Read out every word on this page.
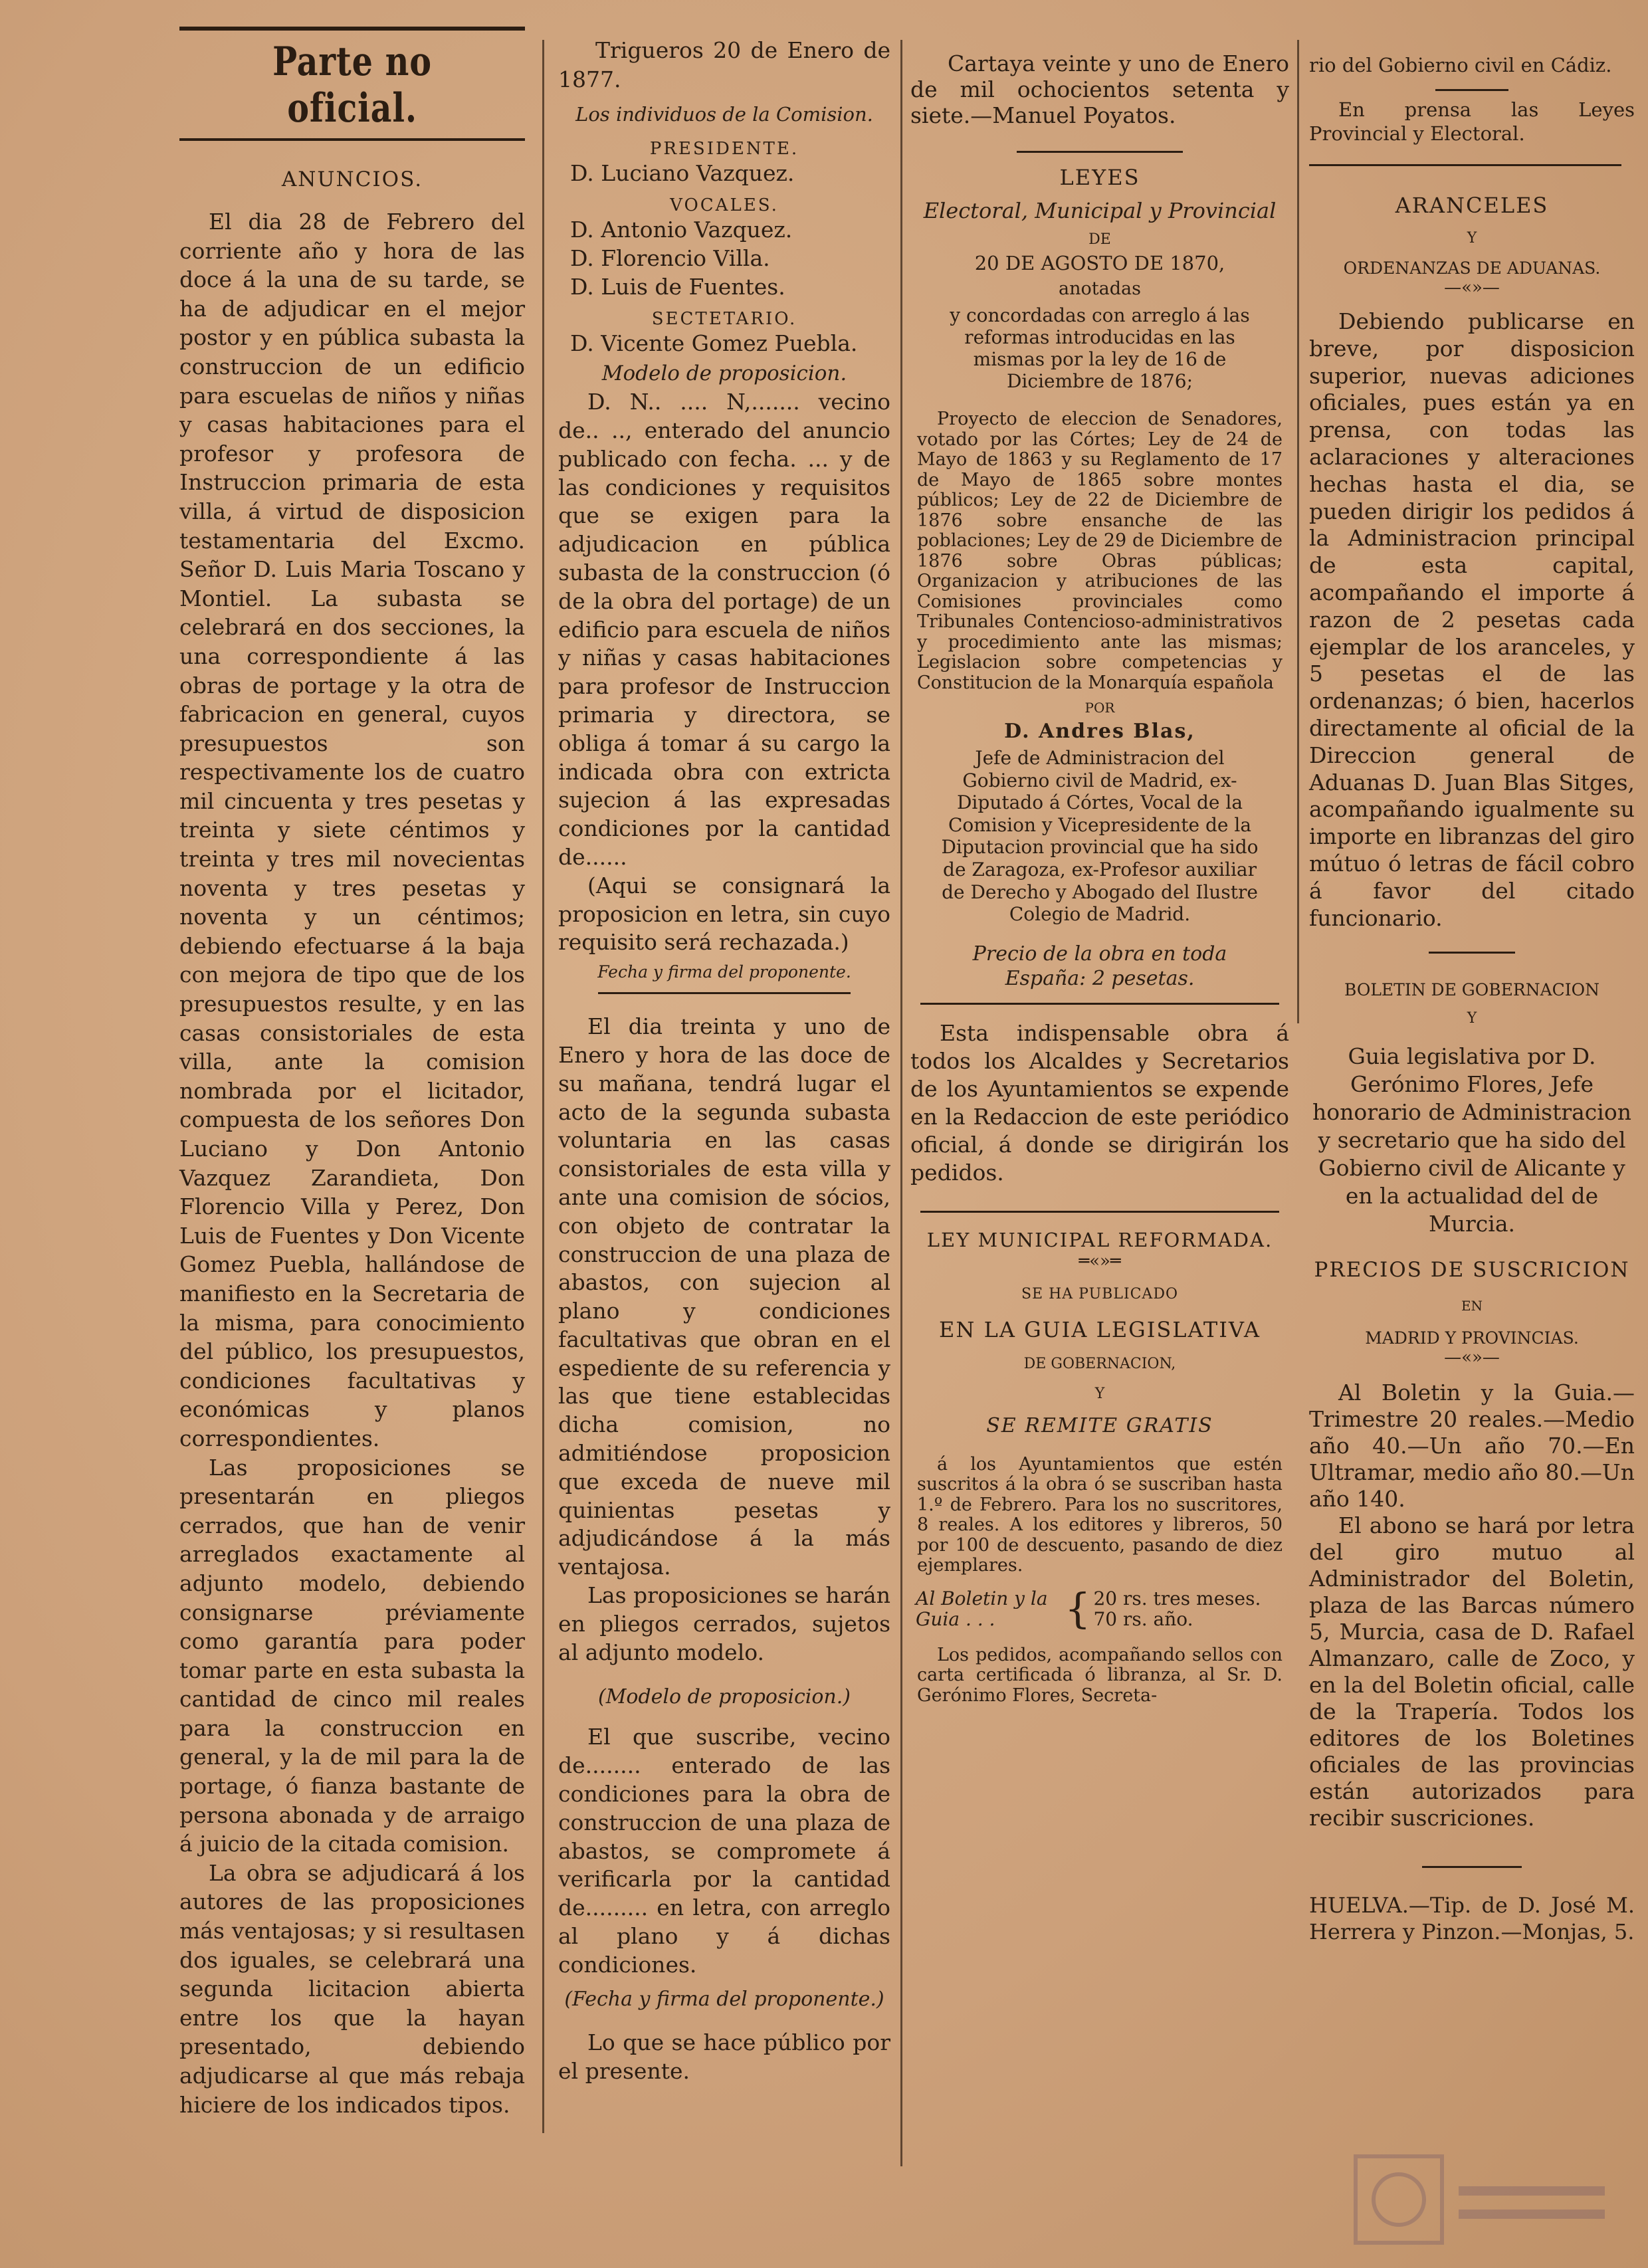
Parte no oficial.

ANUNCIOS.

El dia 28 de Febrero del corriente año y hora de las doce á la una de su tarde, se ha de adjudicar en el mejor postor y en pública subasta la construccion de un edificio para escuelas de niños y niñas y casas habitaciones para el profesor y profesora de Instruccion primaria de esta villa, á virtud de disposicion testamentaria del Excmo. Señor D. Luis Maria Toscano y Montiel. La subasta se celebrará en dos secciones, la una correspondiente á las obras de portage y la otra de fabricacion en general, cuyos presupuestos son respectivamente los de cuatro mil cincuenta y tres pesetas y treinta y siete céntimos y treinta y tres mil novecientas noventa y tres pesetas y noventa y un céntimos; debiendo efectuarse á la baja con mejora de tipo que de los presupuestos resulte, y en las casas consistoriales de esta villa, ante la comision nombrada por el licitador, compuesta de los señores Don Luciano y Don Antonio Vazquez Zarandieta, Don Florencio Villa y Perez, Don Luis de Fuentes y Don Vicente Gomez Puebla, hallándose de manifiesto en la Secretaria de la misma, para conocimiento del público, los presupuestos, condiciones facultativas y económicas y planos correspondientes.

Las proposiciones se presentarán en pliegos cerrados, que han de venir arreglados exactamente al adjunto modelo, debiendo consignarse préviamente como garantía para poder tomar parte en esta subasta la cantidad de cinco mil reales para la construccion en general, y la de mil para la de portage, ó fianza bastante de persona abonada y de arraigo á juicio de la citada comision.

La obra se adjudicará á los autores de las proposiciones más ventajosas; y si resultasen dos iguales, se celebrará una segunda licitacion abierta entre los que la hayan presentado, debiendo adjudicarse al que más rebaja hiciere de los indicados tipos.

Trigueros 20 de Enero de 1877.

Los individuos de la Comision.

PRESIDENTE.

D. Luciano Vazquez.

VOCALES.

D. Antonio Vazquez.

D. Florencio Villa.

D. Luis de Fuentes.

SECTETARIO.

D. Vicente Gomez Puebla.

Modelo de proposicion.

D. N.. .... N,....... vecino de.. .., enterado del anuncio publicado con fecha. ... y de las condiciones y requisitos que se exigen para la adjudicacion en pública subasta de la construccion (ó de la obra del portage) de un edificio para escuela de niños y niñas y casas habitaciones para profesor de Instruccion primaria y directora, se obliga á tomar á su cargo la indicada obra con extricta sujecion á las expresadas condiciones por la cantidad de......

(Aqui se consignará la proposicion en letra, sin cuyo requisito será rechazada.)

Fecha y firma del proponente.

El dia treinta y uno de Enero y hora de las doce de su mañana, tendrá lugar el acto de la segunda subasta voluntaria en las casas consistoriales de esta villa y ante una comision de sócios, con objeto de contratar la construccion de una plaza de abastos, con sujecion al plano y condiciones facultativas que obran en el espediente de su referencia y las que tiene establecidas dicha comision, no admitiéndose proposicion que exceda de nueve mil quinientas pesetas y adjudicándose á la más ventajosa.

Las proposiciones se harán en pliegos cerrados, sujetos al adjunto modelo.

(Modelo de proposicion.)

El que suscribe, vecino de........ enterado de las condiciones para la obra de construccion de una plaza de abastos, se compromete á verificarla por la cantidad de......... en letra, con arreglo al plano y á dichas condiciones.

(Fecha y firma del proponente.)

Lo que se hace público por el presente.

Cartaya veinte y uno de Enero de mil ochocientos setenta y siete.—Manuel Poyatos.

LEYES

Electoral, Municipal y Provincial

DE

20 DE AGOSTO DE 1870,

anotadas

y concordadas con arreglo á las reformas introducidas en las mismas por la ley de 16 de Diciembre de 1876;

Proyecto de eleccion de Senadores, votado por las Córtes; Ley de 24 de Mayo de 1863 y su Reglamento de 17 de Mayo de 1865 sobre montes públicos; Ley de 22 de Diciembre de 1876 sobre ensanche de las poblaciones; Ley de 29 de Diciembre de 1876 sobre Obras públicas; Organizacion y atribuciones de las Comisiones provinciales como Tribunales Contencioso-administrativos y procedimiento ante las mismas; Legislacion sobre competencias y Constitucion de la Monarquía española

POR

D. Andres Blas,

Jefe de Administracion del Gobierno civil de Madrid, ex-Diputado á Córtes, Vocal de la Comision y Vicepresidente de la Diputacion provincial que ha sido de Zaragoza, ex-Profesor auxiliar de Derecho y Abogado del Ilustre Colegio de Madrid.

Precio de la obra en toda España: 2 pesetas.

Esta indispensable obra á todos los Alcaldes y Secretarios de los Ayuntamientos se expende en la Redaccion de este periódico oficial, á donde se dirigirán los pedidos.

LEY MUNICIPAL REFORMADA.

═«»═

SE HA PUBLICADO

EN LA GUIA LEGISLATIVA

DE GOBERNACION,

Y

SE REMITE GRATIS

á los Ayuntamientos que estén suscritos á la obra ó se suscriban hasta 1.º de Febrero. Para los no suscritores, 8 reales. A los editores y libreros, 50 por 100 de descuento, pasando de diez ejemplares.

Al Boletin y la Guia . . .	{ 20 rs. tres meses.
70 rs. año.

Los pedidos, acompañando sellos con carta certificada ó libranza, al Sr. D. Gerónimo Flores, Secreta-

rio del Gobierno civil en Cádiz.

En prensa las Leyes Provincial y Electoral.

ARANCELES

Y

ORDENANZAS DE ADUANAS.

—«»—

Debiendo publicarse en breve, por disposicion superior, nuevas adiciones oficiales, pues están ya en prensa, con todas las aclaraciones y alteraciones hechas hasta el dia, se pueden dirigir los pedidos á la Administracion principal de esta capital, acompañando el importe á razon de 2 pesetas cada ejemplar de los aranceles, y 5 pesetas el de las ordenanzas; ó bien, hacerlos directamente al oficial de la Direccion general de Aduanas D. Juan Blas Sitges, acompañando igualmente su importe en libranzas del giro mútuo ó letras de fácil cobro á favor del citado funcionario.

BOLETIN DE GOBERNACION

Y

Guia legislativa por D. Gerónimo Flores, Jefe honorario de Administracion y secretario que ha sido del Gobierno civil de Alicante y en la actualidad del de Murcia.

PRECIOS DE SUSCRICION

EN

MADRID Y PROVINCIAS.

—«»—

Al Boletin y la Guia.—Trimestre 20 reales.—Medio año 40.—Un año 70.—En Ultramar, medio año 80.—Un año 140.

El abono se hará por letra del giro mutuo al Administrador del Boletin, plaza de las Barcas número 5, Murcia, casa de D. Rafael Almanzaro, calle de Zoco, y en la del Boletin oficial, calle de la Trapería. Todos los editores de los Boletines oficiales de las provincias están autorizados para recibir suscriciones.

HUELVA.—Tip. de D. José M. Herrera y Pinzon.—Monjas, 5.
